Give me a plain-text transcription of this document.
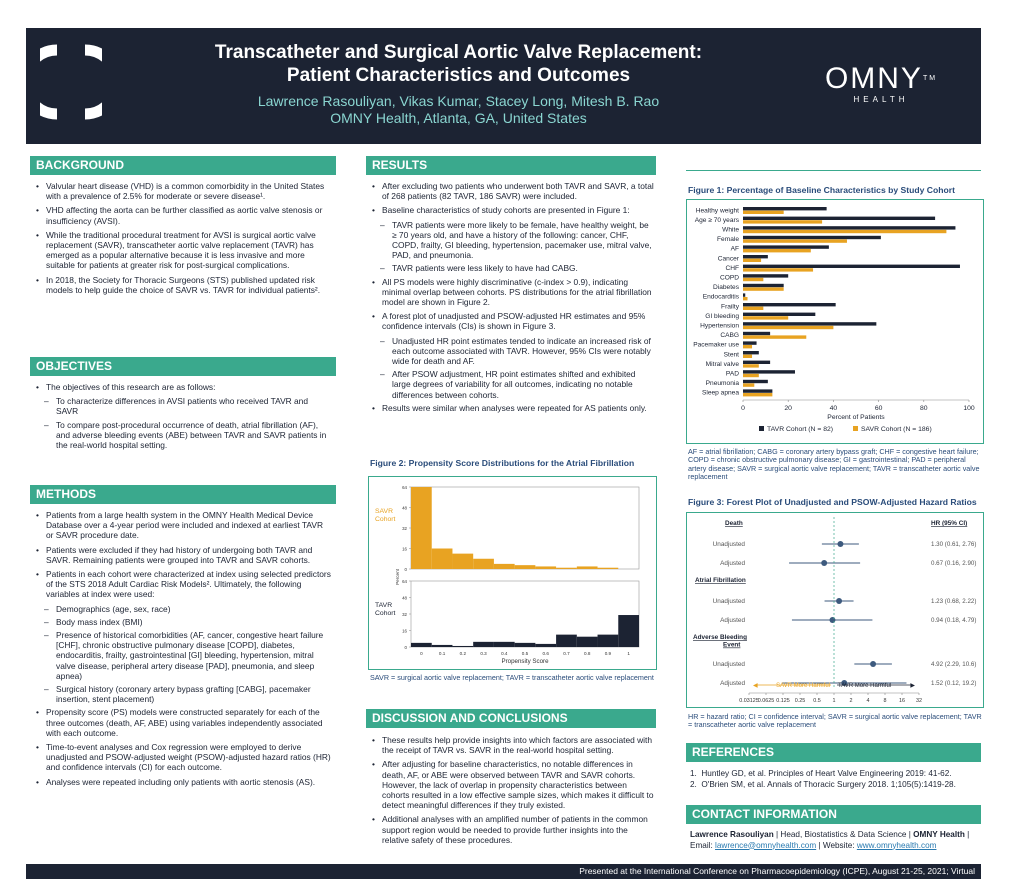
Transcatheter and Surgical Aortic Valve Replacement:
Patient Characteristics and Outcomes
Lawrence Rasouliyan, Vikas Kumar, Stacey Long, Mitesh B. Rao
OMNY Health, Atlanta, GA, United States
OMNY™
HEALTH
BACKGROUND
• Valvular heart disease (VHD) is a common comorbidity in the United States with a prevalence of 2.5% for moderate or severe disease¹.
• VHD affecting the aorta can be further classified as aortic valve stenosis or insufficiency (AVSI).
• While the traditional procedural treatment for AVSI is surgical aortic valve replacement (SAVR), transcatheter aortic valve replacement (TAVR) has emerged as a popular alternative because it is less invasive and more suitable for patients at greater risk for post-surgical complications.
• In 2018, the Society for Thoracic Surgeons (STS) published updated risk models to help guide the choice of SAVR vs. TAVR for individual patients².
OBJECTIVES
• The objectives of this research are as follows:
– To characterize differences in AVSI patients who received TAVR and SAVR
– To compare post-procedural occurrence of death, atrial fibrillation (AF), and adverse bleeding events (ABE) between TAVR and SAVR patients in the real-world hospital setting.
METHODS
• Patients from a large health system in the OMNY Health Medical Device Database over a 4-year period were included and indexed at earliest TAVR or SAVR procedure date.
• Patients were excluded if they had history of undergoing both TAVR and SAVR. Remaining patients were grouped into TAVR and SAVR cohorts.
• Patients in each cohort were characterized at index using selected predictors of the STS 2018 Adult Cardiac Risk Models². Ultimately, the following variables at index were used:
– Demographics (age, sex, race)
– Body mass index (BMI)
– Presence of historical comorbidities (AF, cancer, congestive heart failure [CHF], chronic obstructive pulmonary disease [COPD], diabetes, endocarditis, frailty, gastrointestinal [GI] bleeding, hypertension, mitral valve disease, peripheral artery disease [PAD], pneumonia, and sleep apnea)
– Surgical history (coronary artery bypass grafting [CABG], pacemaker insertion, stent placement)
• Propensity score (PS) models were constructed separately for each of the three outcomes (death, AF, ABE) using variables independently associated with each outcome.
• Time-to-event analyses and Cox regression were employed to derive unadjusted and PSOW-adjusted weight (PSOW)-adjusted hazard ratios (HR) and confidence intervals (CI) for each outcome.
• Analyses were repeated including only patients with aortic stenosis (AS).
RESULTS
• After excluding two patients who underwent both TAVR and SAVR, a total of 268 patients (82 TAVR, 186 SAVR) were included.
• Baseline characteristics of study cohorts are presented in Figure 1:
– TAVR patients were more likely to be female, have healthy weight, be ≥ 70 years old, and have a history of the following: cancer, CHF, COPD, frailty, GI bleeding, hypertension, pacemaker use, mitral valve, PAD, and pneumonia.
– TAVR patients were less likely to have had CABG.
• All PS models were highly discriminative (c-index > 0.9), indicating minimal overlap between cohorts. PS distributions for the atrial fibrillation model are shown in Figure 2.
• A forest plot of unadjusted and PSOW-adjusted HR estimates and 95% confidence intervals (CIs) is shown in Figure 3.
– Unadjusted HR point estimates tended to indicate an increased risk of each outcome associated with TAVR. However, 95% CIs were notably wide for death and AF.
– After PSOW adjustment, HR point estimates shifted and exhibited large degrees of variability for all outcomes, indicating no notable differences between cohorts.
• Results were similar when analyses were repeated for AS patients only.
Figure 2: Propensity Score Distributions for the Atrial Fibrillation
64
48
32
16
0
SAVR
Cohort
64
48
32
16
0
TAVR
Cohort
0	0.1	0.2	0.3	0.4	0.5	0.6	0.7	0.8	0.9	1
Propensity Score
Percent
SAVR = surgical aortic valve replacement; TAVR = transcatheter aortic valve replacement
DISCUSSION AND CONCLUSIONS
• These results help provide insights into which factors are associated with the receipt of TAVR vs. SAVR in the real-world hospital setting.
• After adjusting for baseline characteristics, no notable differences in death, AF, or ABE were observed between TAVR and SAVR cohorts. However, the lack of overlap in propensity characteristics between cohorts resulted in a low effective sample sizes, which makes it difficult to detect meaningful differences if they truly existed.
• Additional analyses with an amplified number of patients in the common support region would be needed to provide further insights into the relative safety of these procedures.
Figure 1: Percentage of Baseline Characteristics by Study Cohort
Healthy weight
Age ≥ 70 years
White
Female
AF
Cancer
CHF
COPD
Diabetes
Endocarditis
Frailty
GI bleeding
Hypertension
CABG
Pacemaker use
Stent
Mitral valve
PAD
Pneumonia
Sleep apnea
0	20	40	60	80	100
Percent of Patients
TAVR Cohort (N = 82)	SAVR Cohort (N = 186)
AF = atrial fibrillation; CABG = coronary artery bypass graft; CHF = congestive heart failure; COPD = chronic obstructive pulmonary disease; GI = gastrointestinal; PAD = peripheral artery disease; SAVR = surgical aortic valve replacement; TAVR = transcatheter aortic valve replacement
Figure 3: Forest Plot of Unadjusted and PSOW-Adjusted Hazard Ratios
HR (95% CI)
Death
Unadjusted	1.30 (0.61, 2.76)
Adjusted	0.67 (0.16, 2.90)
Atrial Fibrillation
Unadjusted	1.23 (0.68, 2.22)
Adjusted	0.94 (0.18, 4.79)
Adverse Bleeding
Event
Unadjusted	4.92 (2.29, 10.6)
Adjusted	1.52 (0.12, 19.2)
◀	SAVR More Harmful	▶
TAVR More Harmful
0.03125 0.0625 0.125 0.25 0.5 1	2	4	8 16 32
HR = hazard ratio; CI = confidence interval; SAVR = surgical aortic valve replacement; TAVR = transcatheter aortic valve replacement
REFERENCES
1.  Huntley GD, et al. Principles of Heart Valve Engineering 2019: 41-62.
2.  O'Brien SM, et al. Annals of Thoracic Surgery 2018. 1;105(5):1419-28.
CONTACT INFORMATION
Lawrence Rasouliyan | Head, Biostatistics & Data Science | OMNY Health |
Email: lawrence@omnyhealth.com | Website: www.omnyhealth.com
Presented at the International Conference on Pharmacoepidemiology (ICPE), August 21-25, 2021; Virtual
